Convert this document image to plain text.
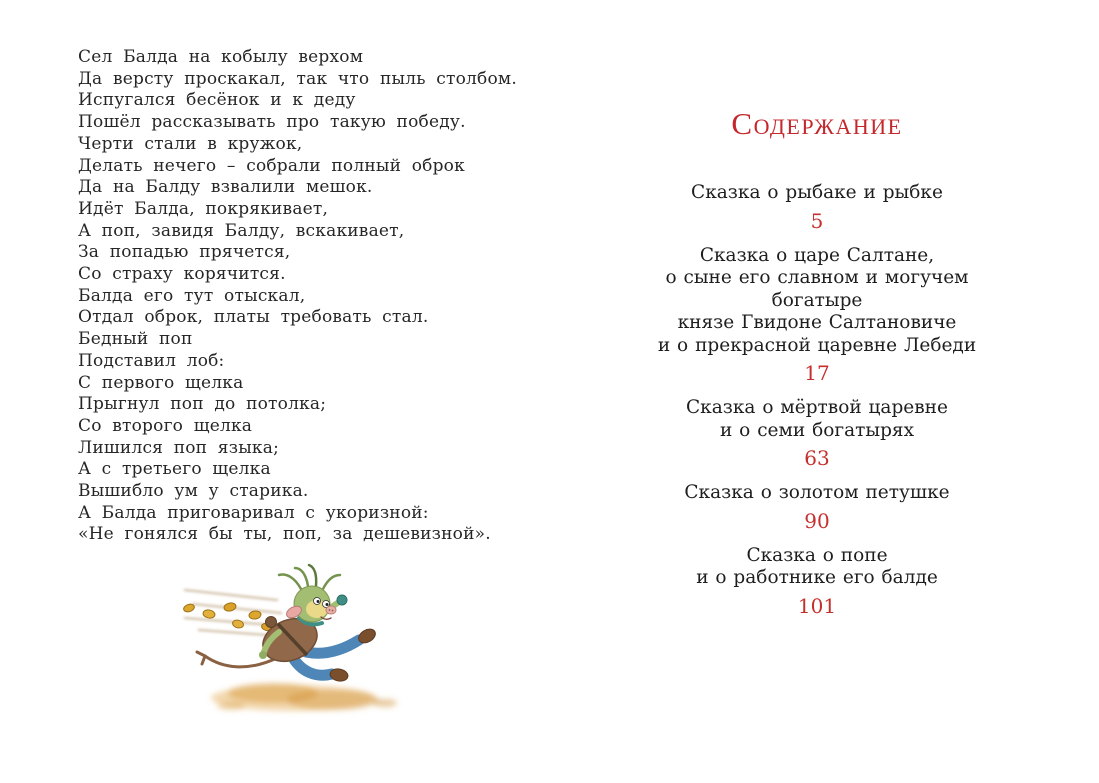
Сел Балда на кобылу верхом
Да версту проскакал, так что пыль столбом.
Испугался бесёнок и к деду
Пошёл рассказывать про такую победу.
Черти стали в кружок,
Делать нечего – собрали полный оброк
Да на Балду взвалили мешок.
Идёт Балда, покрякивает,
А поп, завидя Балду, вскакивает,
За попадью прячется,
Со страху корячится.
Балда его тут отыскал,
Отдал оброк, платы требовать стал.
Бедный поп
Подставил лоб:
С первого щелка
Прыгнул поп до потолка;
Со второго щелка
Лишился поп языка;
А с третьего щелка
Вышибло ум у старика.
А Балда приговаривал с укоризной:
«Не гонялся бы ты, поп, за дешевизной».
СОДЕРЖАНИЕ
Сказка о рыбаке и рыбке
5
Сказка о царе Салтане,
о сыне его славном и могучем богатыре
князе Гвидоне Салтановиче
и о прекрасной царевне Лебеди
17
Сказка о мёртвой царевне
и о семи богатырях
63
Сказка о золотом петушке
90
Сказка о попе
и о работнике его балде
101
